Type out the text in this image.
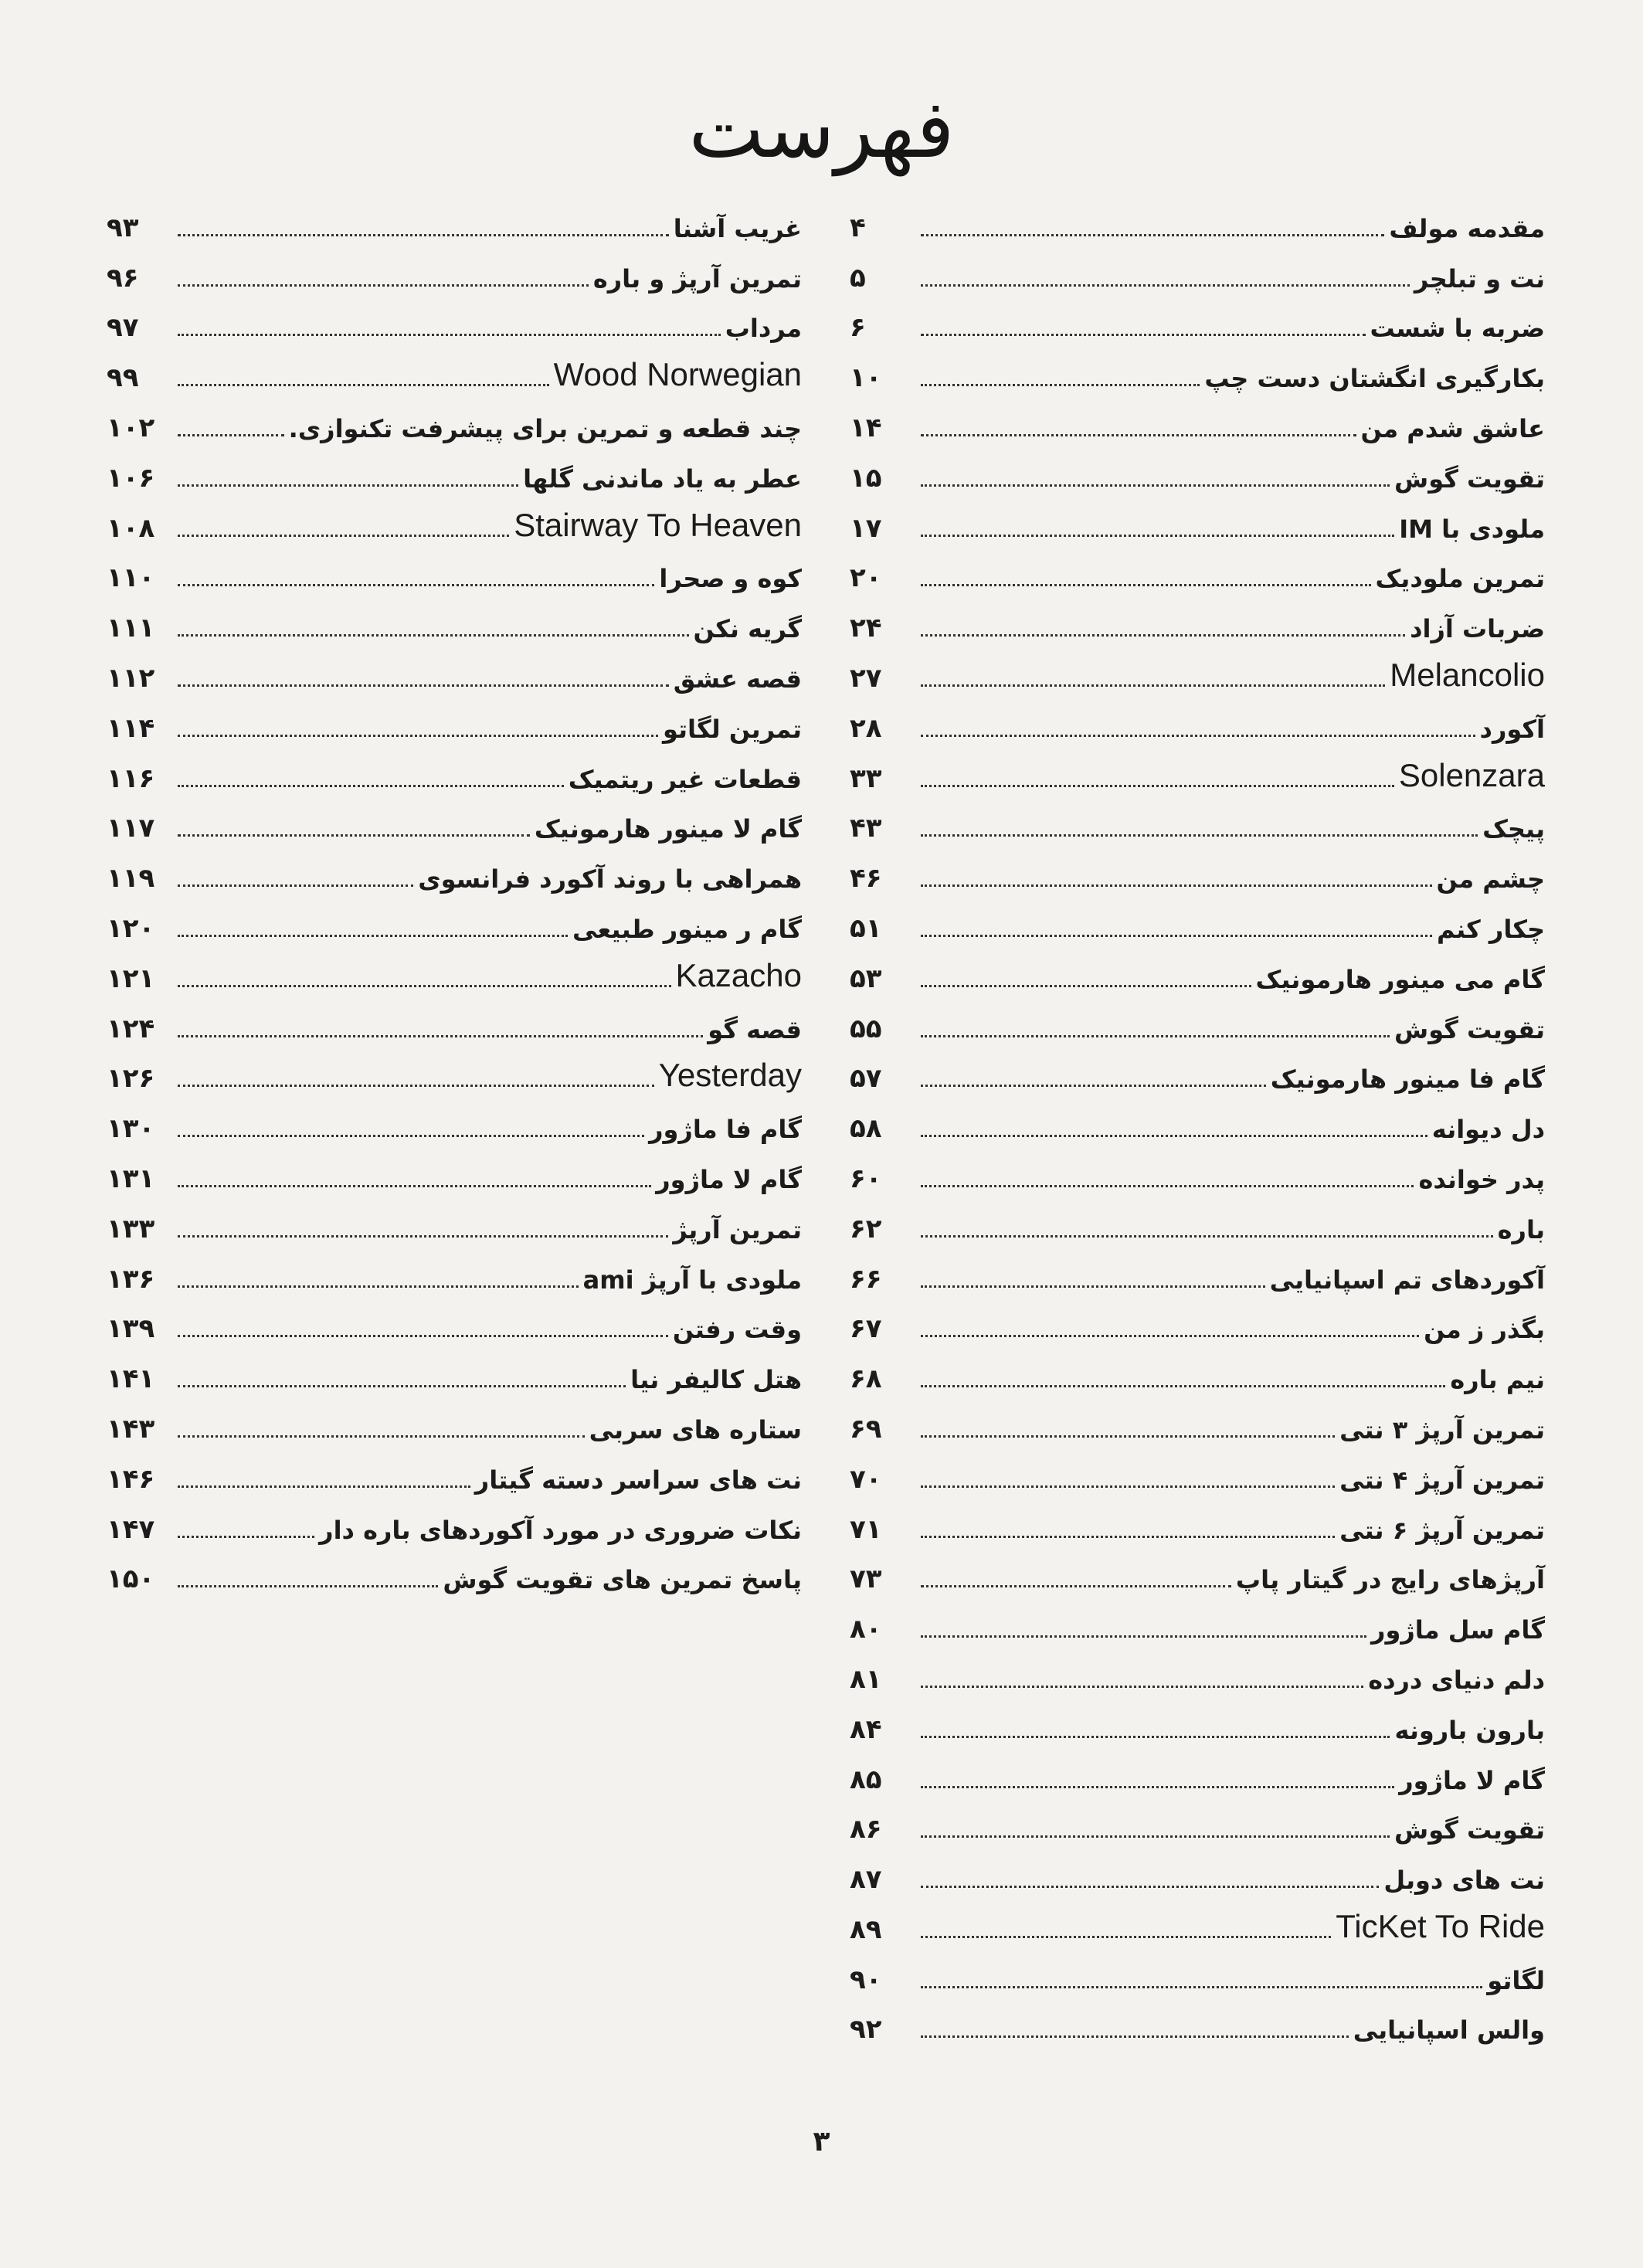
فهرست
مقدمه مولف
۴
نت و تبلچر
۵
ضربه با شست
۶
بکارگیری انگشتان دست چپ
۱۰
عاشق شدم من
۱۴
تقویت گوش
۱۵
ملودی با IM
۱۷
تمرین ملودیک
۲۰
ضربات آزاد
۲۴
Melancolio
۲۷
آکورد
۲۸
Solenzara
۳۳
پیچک
۴۳
چشم من
۴۶
چکار کنم
۵۱
گام می مینور هارمونیک
۵۳
تقویت گوش
۵۵
گام فا مینور هارمونیک
۵۷
دل دیوانه
۵۸
پدر خوانده
۶۰
باره
۶۲
آکوردهای تم اسپانیایی
۶۶
بگذر ز من
۶۷
نیم باره
۶۸
تمرین آرپژ ۳ نتی
۶۹
تمرین آرپژ ۴ نتی
۷۰
تمرین آرپژ ۶ نتی
۷۱
آرپژهای رایج در گیتار پاپ
۷۳
گام سل ماژور
۸۰
دلم دنیای درده
۸۱
بارون بارونه
۸۴
گام لا ماژور
۸۵
تقویت گوش
۸۶
نت های دوبل
۸۷
TicKet To Ride
۸۹
لگاتو
۹۰
والس اسپانیایی
۹۲
غریب آشنا
۹۳
تمرین آرپژ و باره
۹۶
مرداب
۹۷
Wood Norwegian
۹۹
چند قطعه و تمرین برای پیشرفت تکنوازی.
۱۰۲
عطر به یاد ماندنی گلها
۱۰۶
Stairway To Heaven
۱۰۸
کوه و صحرا
۱۱۰
گریه نکن
۱۱۱
قصه عشق
۱۱۲
تمرین لگاتو
۱۱۴
قطعات غیر ریتمیک
۱۱۶
گام لا مینور هارمونیک
۱۱۷
همراهی با روند آکورد فرانسوی
۱۱۹
گام ر مینور طبیعی
۱۲۰
Kazacho
۱۲۱
قصه گو
۱۲۴
Yesterday
۱۲۶
گام فا ماژور
۱۳۰
گام لا ماژور
۱۳۱
تمرین آرپژ
۱۳۳
ملودی با آرپژ ami
۱۳۶
وقت رفتن
۱۳۹
هتل کالیفر نیا
۱۴۱
ستاره های سربی
۱۴۳
نت های سراسر دسته گیتار
۱۴۶
نکات ضروری در مورد آکوردهای باره دار
۱۴۷
پاسخ تمرین های تقویت گوش
۱۵۰
۳
